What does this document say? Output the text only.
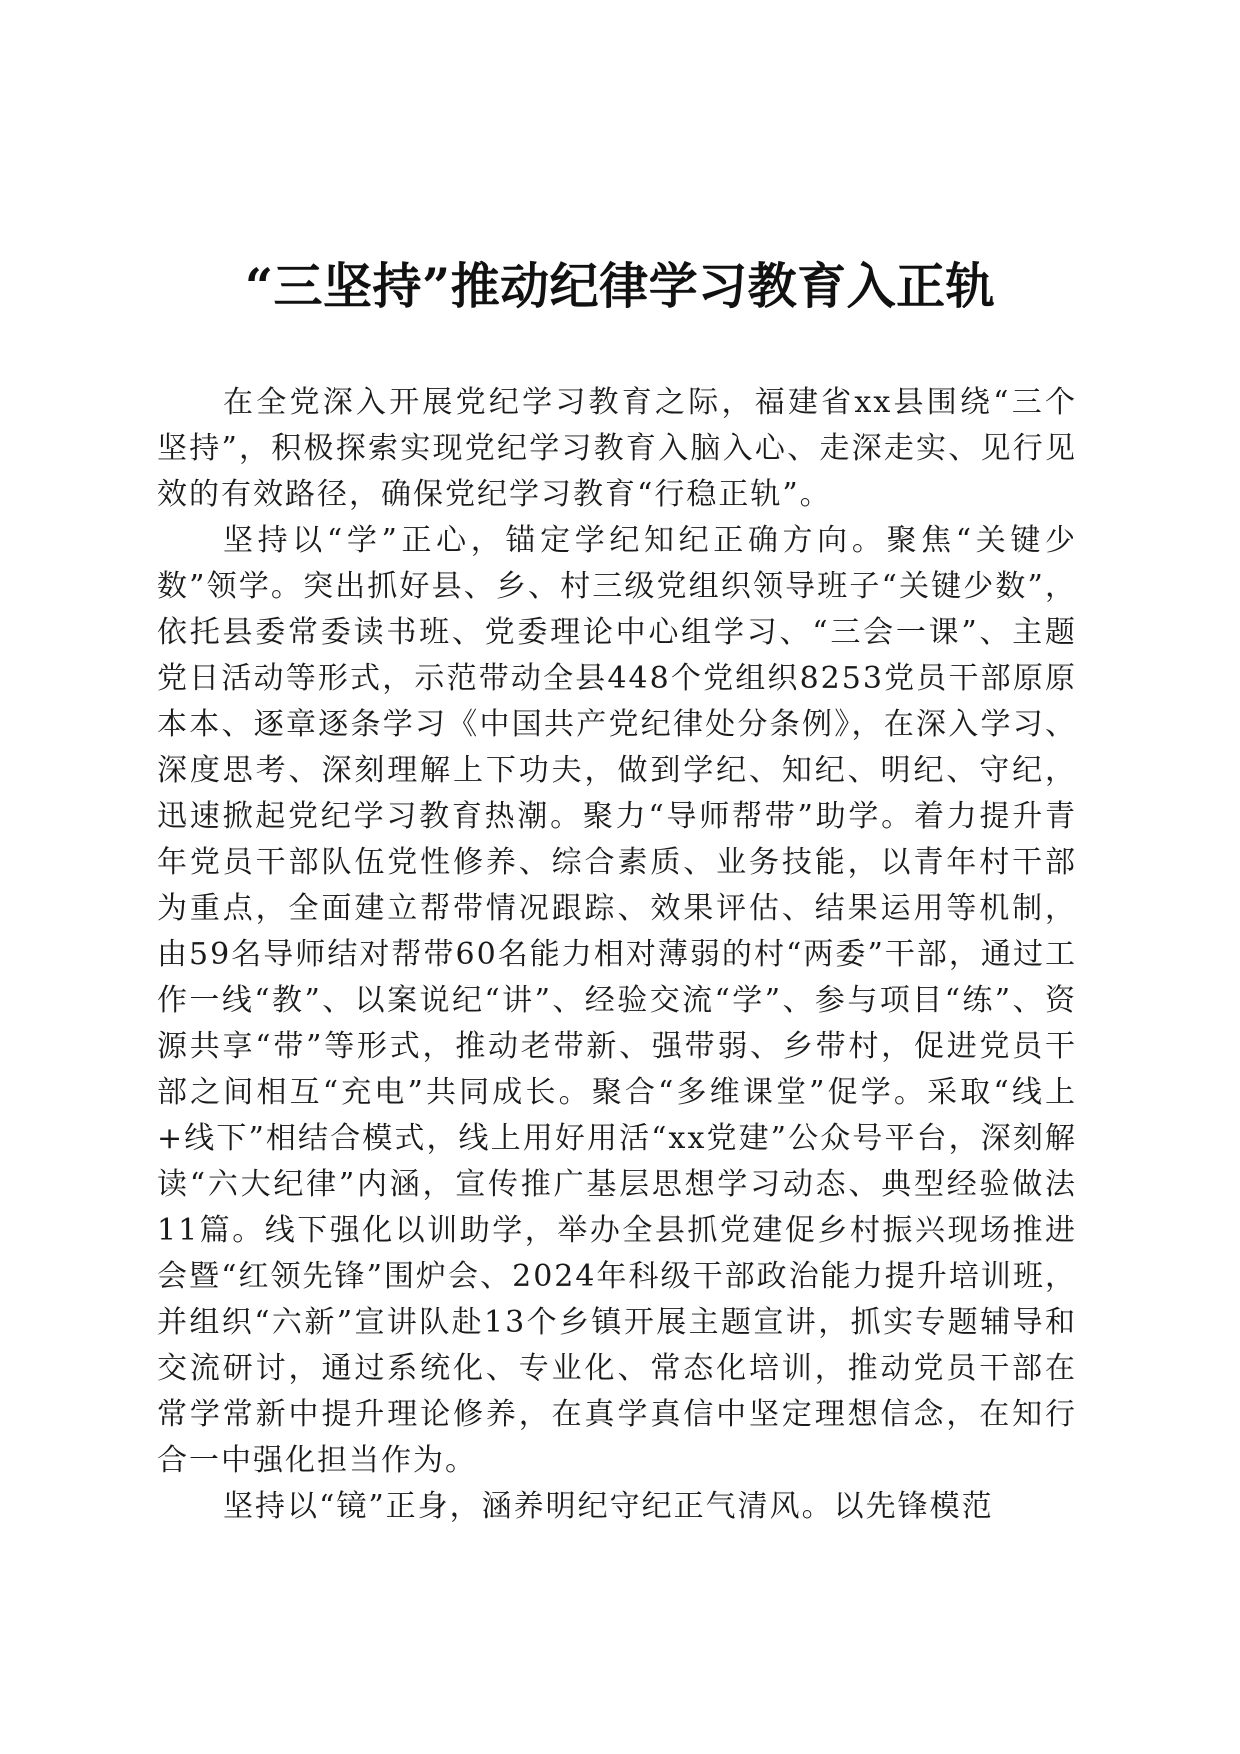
“三坚持”推动纪律学习教育入正轨

在全党深入开展党纪学习教育之际，福建省xx县围绕“三个坚持”，积极探索实现党纪学习教育入脑入心、走深走实、见行见效的有效路径，确保党纪学习教育“行稳正轨”。

坚持以“学”正心，锚定学纪知纪正确方向。聚焦“关键少数”领学。突出抓好县、乡、村三级党组织领导班子“关键少数”，依托县委常委读书班、党委理论中心组学习、“三会一课”、主题党日活动等形式，示范带动全县448个党组织8253党员干部原原本本、逐章逐条学习《中国共产党纪律处分条例》，在深入学习、深度思考、深刻理解上下功夫，做到学纪、知纪、明纪、守纪，迅速掀起党纪学习教育热潮。聚力“导师帮带”助学。着力提升青年党员干部队伍党性修养、综合素质、业务技能，以青年村干部为重点，全面建立帮带情况跟踪、效果评估、结果运用等机制，由59名导师结对帮带60名能力相对薄弱的村“两委”干部，通过工作一线“教”、以案说纪“讲”、经验交流“学”、参与项目“练”、资源共享“带”等形式，推动老带新、强带弱、乡带村，促进党员干部之间相互“充电”共同成长。聚合“多维课堂”促学。采取“线上+线下”相结合模式，线上用好用活“xx党建”公众号平台，深刻解读“六大纪律”内涵，宣传推广基层思想学习动态、典型经验做法11篇。线下强化以训助学，举办全县抓党建促乡村振兴现场推进会暨“红领先锋”围炉会、2024年科级干部政治能力提升培训班，并组织“六新”宣讲队赴13个乡镇开展主题宣讲，抓实专题辅导和交流研讨，通过系统化、专业化、常态化培训，推动党员干部在常学常新中提升理论修养，在真学真信中坚定理想信念，在知行合一中强化担当作为。

坚持以“镜”正身，涵养明纪守纪正气清风。以先锋模范
